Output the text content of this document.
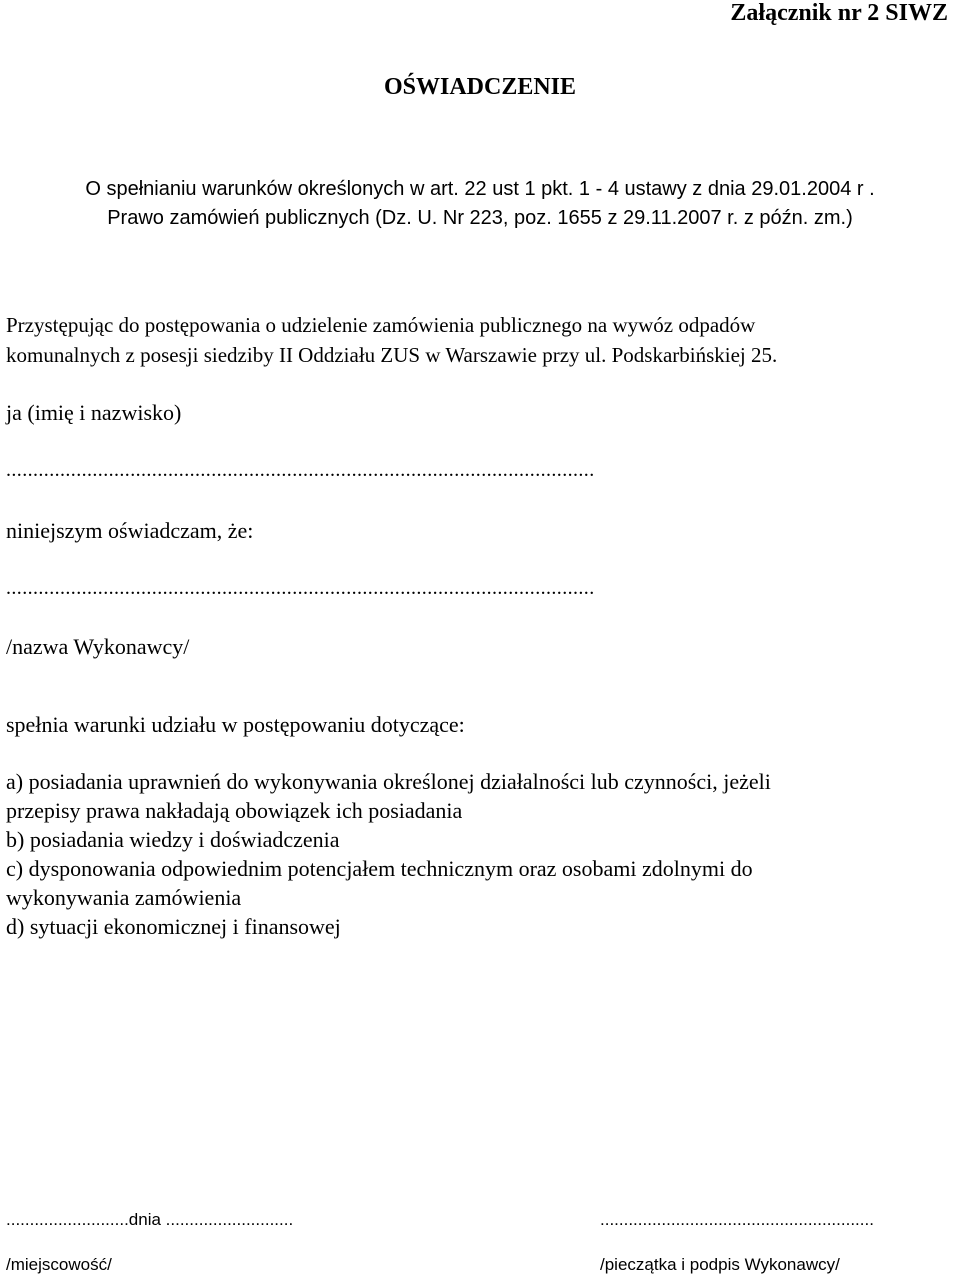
Załącznik nr 2 SIWZ
OŚWIADCZENIE
O spełnianiu warunków określonych w art. 22 ust 1 pkt. 1 - 4 ustawy z dnia 29.01.2004 r .
Prawo zamówień publicznych (Dz. U. Nr 223, poz. 1655 z 29.11.2007 r. z późn. zm.)
Przystępując do postępowania o udzielenie zamówienia publicznego na wywóz odpadów
komunalnych z posesji siedziby II Oddziału ZUS w Warszawie przy ul. Podskarbińskiej 25.
ja (imię i nazwisko)
.............................................................................................................
niniejszym oświadczam, że:
.............................................................................................................
/nazwa Wykonawcy/
spełnia warunki udziału w postępowaniu dotyczące:
a) posiadania uprawnień do wykonywania określonej działalności lub czynności, jeżeli
przepisy prawa nakładają obowiązek ich posiadania
b) posiadania wiedzy i doświadczenia
c) dysponowania odpowiednim potencjałem technicznym oraz osobami zdolnymi do
wykonywania zamówienia
d) sytuacji ekonomicznej i finansowej
..........................dnia ...........................	..........................................................
/miejscowość/	/pieczątka i podpis Wykonawcy/
